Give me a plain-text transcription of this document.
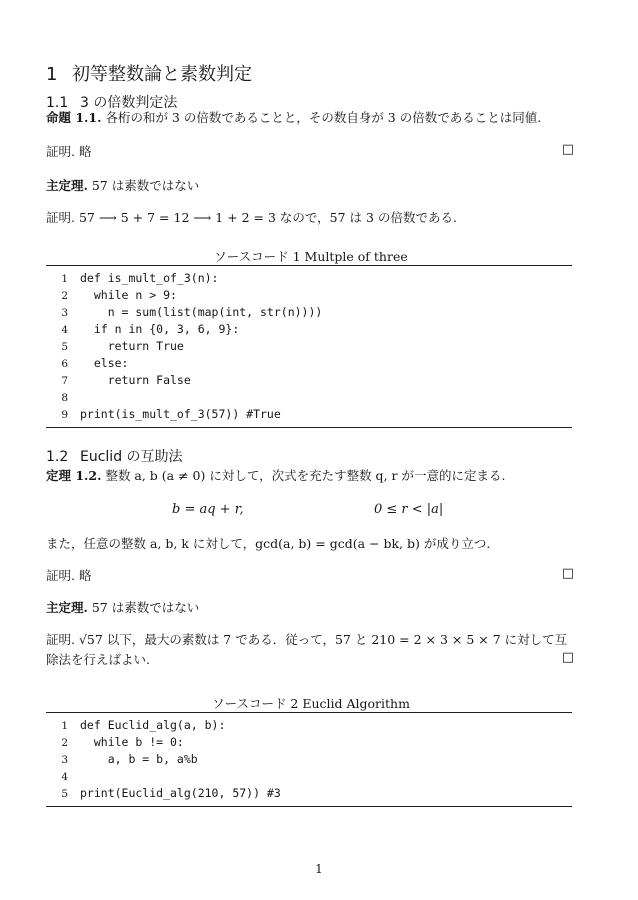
1 初等整数論と素数判定
1.1 3 の倍数判定法

命題 1.1. 各桁の和が 3 の倍数であることと，その数自身が 3 の倍数であることは同値.

証明. 略	□

主定理. 57 は素数ではない

証明. 57 ⟶ 5 + 7 = 12 ⟶ 1 + 2 = 3 なので，57 は 3 の倍数である.

ソースコード 1 Multple of three
1 def is_mult_of_3(n):
2  while n > 9:
3    n = sum(list(map(int, str(n))))
4  if n in {0, 3, 6, 9}:
5    return True
6  else:
7    return False
8
9 print(is_mult_of_3(57)) #True
1.2 Euclid の互助法

定理 1.2. 整数 a, b (a ≠ 0) に対して，次式を充たす整数 q, r が一意的に定まる.

b = aq + r,	0 ≤ r < |a|

また，任意の整数 a, b, k に対して，gcd(a, b) = gcd(a − bk, b) が成り立つ.

証明. 略	□

主定理. 57 は素数ではない

証明. √57 以下，最大の素数は 7 である．従って，57 と 210 = 2 × 3 × 5 × 7 に対して互

除法を行えばよい.	□
ソースコード 2 Euclid Algorithm
1 def Euclid_alg(a, b):
2  while b != 0:
3    a, b = b, a%b
4
5 print(Euclid_alg(210, 57)) #3
1
